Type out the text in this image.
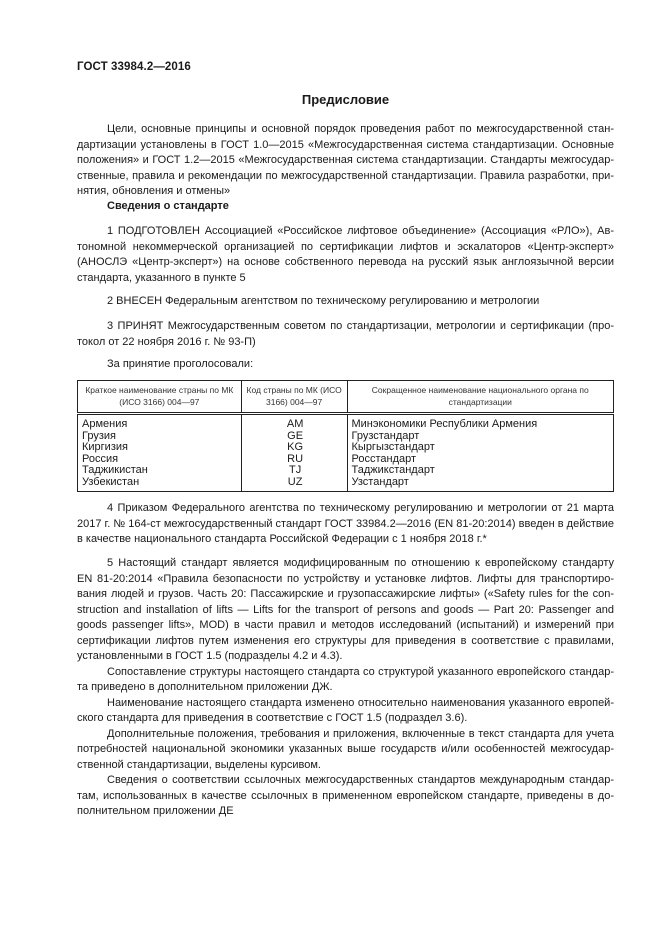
ГОСТ 33984.2—2016
Предисловие
Цели, основные принципы и основной порядок проведения работ по межгосударственной стан-
дартизации установлены в ГОСТ 1.0—2015 «Межгосударственная система стандартизации. Основные
положения» и ГОСТ 1.2—2015 «Межгосударственная система стандартизации. Стандарты межгосудар-
ственные, правила и рекомендации по межгосударственной стандартизации. Правила разработки, при-
нятия, обновления и отмены»
Сведения о стандарте
1 ПОДГОТОВЛЕН Ассоциацией «Российское лифтовое объединение» (Ассоциация «РЛО»), Ав-
тономной некоммерческой организацией по сертификации лифтов и эскалаторов «Центр-эксперт»
(АНОСЛЭ «Центр-эксперт») на основе собственного перевода на русский язык англоязычной версии
стандарта, указанного в пункте 5
2 ВНЕСЕН Федеральным агентством по техническому регулированию и метрологии
3 ПРИНЯТ Межгосударственным советом по стандартизации, метрологии и сертификации (про-
токол от 22 ноября 2016 г. № 93-П)
За принятие проголосовали:
Краткое наименование страны по МК (ИСО 3166) 004—97	Код страны по МК (ИСО 3166) 004—97	Сокращенное наименование национального органа по стандартизации
Армения	AM	Минэкономики Республики Армения
Грузия	GE	Грузстандарт
Киргизия	KG	Кыргызстандарт
Россия	RU	Росстандарт
Таджикистан	TJ	Таджикстандарт
Узбекистан	UZ	Узстандарт
4 Приказом Федерального агентства по техническому регулированию и метрологии от 21 марта
2017 г. № 164-ст межгосударственный стандарт ГОСТ 33984.2—2016 (EN 81-20:2014) введен в действие
в качестве национального стандарта Российской Федерации с 1 ноября 2018 г.*
5 Настоящий стандарт является модифицированным по отношению к европейскому стандарту
EN 81-20:2014 «Правила безопасности по устройству и установке лифтов. Лифты для транспортиро-
вания людей и грузов. Часть 20: Пассажирские и грузопассажирские лифты» («Safety rules for the con-
struction and installation of lifts — Lifts for the transport of persons and goods — Part 20: Passenger and
goods passenger lifts», MOD) в части правил и методов исследований (испытаний) и измерений при
сертификации лифтов путем изменения его структуры для приведения в соответствие с правилами,
установленными в ГОСТ 1.5 (подразделы 4.2 и 4.3).
Сопоставление структуры настоящего стандарта со структурой указанного европейского стандар-
та приведено в дополнительном приложении ДЖ.
Наименование настоящего стандарта изменено относительно наименования указанного европей-
ского стандарта для приведения в соответствие с ГОСТ 1.5 (подраздел 3.6).
Дополнительные положения, требования и приложения, включенные в текст стандарта для учета
потребностей национальной экономики указанных выше государств и/или особенностей межгосудар-
ственной стандартизации, выделены курсивом.
Сведения о соответствии ссылочных межгосударственных стандартов международным стандар-
там, использованных в качестве ссылочных в примененном европейском стандарте, приведены в до-
полнительном приложении ДЕ
